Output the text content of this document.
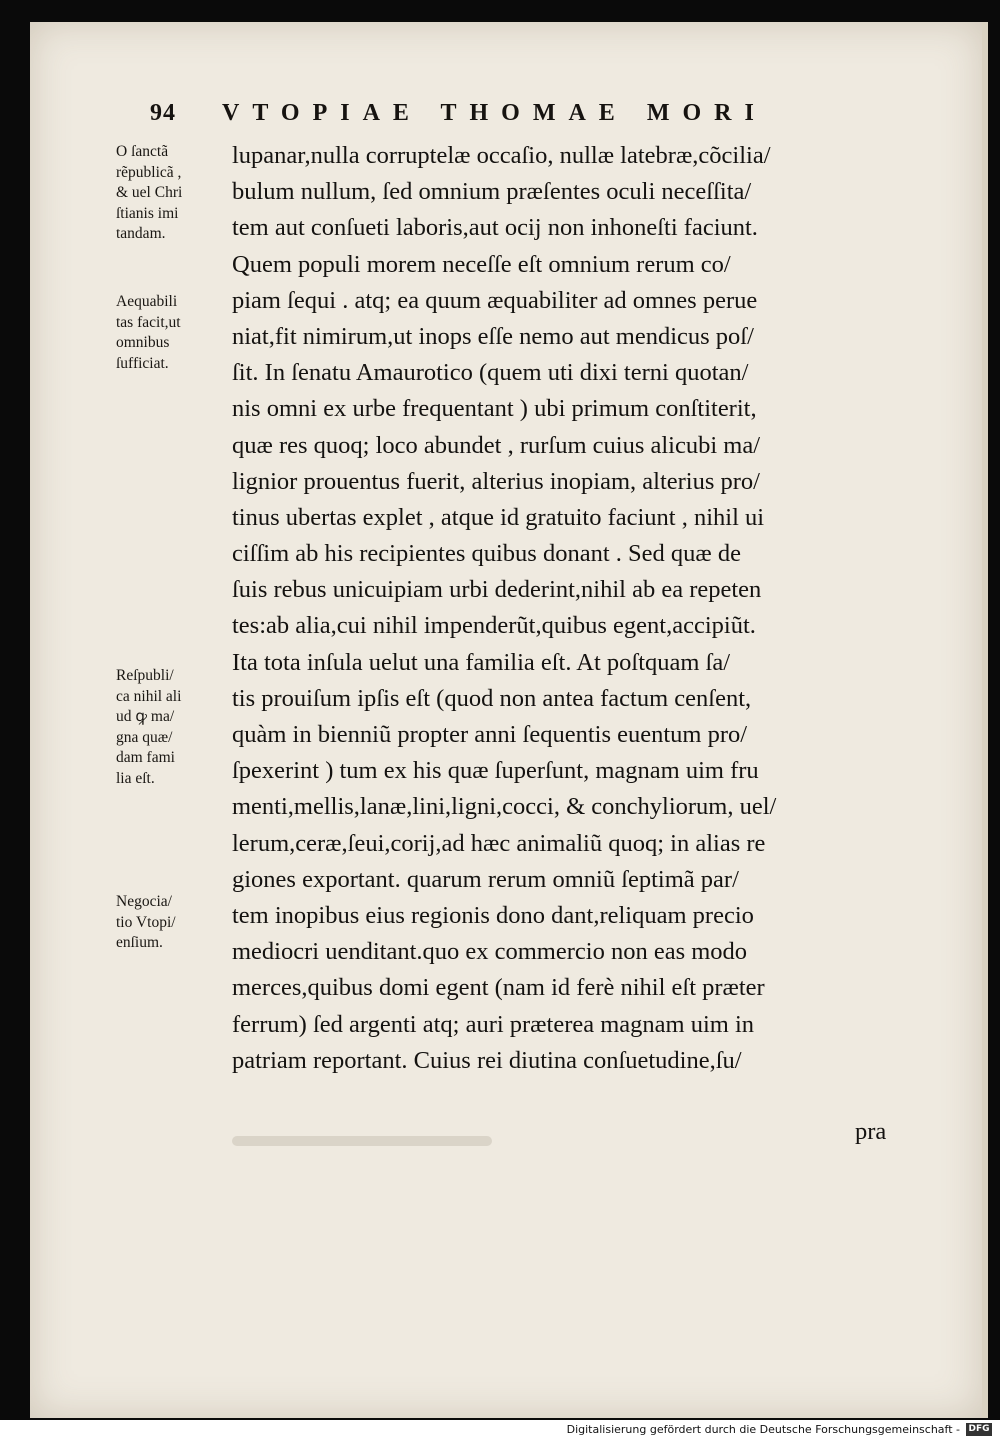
94 VTOPIAE THOMAE MORI
lupanar,nulla corruptelæ occaſio, nullæ latebræ,cõcilia/
bulum nullum, ſed omnium præſentes oculi neceſſita/
tem aut conſueti laboris,aut ocij non inhoneſti faciunt.
Quem populi morem neceſſe eſt omnium rerum co/
piam ſequi . atq; ea quum æquabiliter ad omnes perue
niat,fit nimirum,ut inops eſſe nemo aut mendicus poſ/
ſit. In ſenatu Amaurotico (quem uti dixi terni quotan/
nis omni ex urbe frequentant ) ubi primum conſtiterit,
quæ res quoq; loco abundet , rurſum cuius alicubi ma/
lignior prouentus fuerit, alterius inopiam, alterius pro/
tinus ubertas explet , atque id gratuito faciunt , nihil ui
ciſſim ab his recipientes quibus donant . Sed quæ de
ſuis rebus unicuipiam urbi dederint,nihil ab ea repeten
tes:ab alia,cui nihil impenderũt,quibus egent,accipiũt.
Ita tota inſula uelut una familia eſt. At poſtquam ſa/
tis prouiſum ipſis eſt (quod non antea factum cenſent,
quàm in bienniũ propter anni ſequentis euentum pro/
ſpexerint ) tum ex his quæ ſuperſunt, magnam uim fru
menti,mellis,lanæ,lini,ligni,cocci, & conchyliorum, uel/
lerum,ceræ,ſeui,corij,ad hæc animaliũ quoq; in alias re
giones exportant. quarum rerum omniũ ſeptimã par/
tem inopibus eius regionis dono dant,reliquam precio
mediocri uenditant.quo ex commercio non eas modo
merces,quibus domi egent (nam id ferè nihil eſt præter
ferrum) ſed argenti atq; auri præterea magnam uim in
patriam reportant. Cuius rei diutina conſuetudine,ſu/
pra
O ſanctã
rẽpublicã ,
& uel Chri
ſtianis imi
tandam.
Aequabili
tas facit,ut
omnibus
ſufficiat.
Reſpubli/
ca nihil ali
ud ꝙ ma/
gna quæ/
dam fami
lia eſt.
Negocia/
tio Vtopi/
enſium.
Digitalisierung gefördert durch die Deutsche Forschungsgemeinschaft - DFG
